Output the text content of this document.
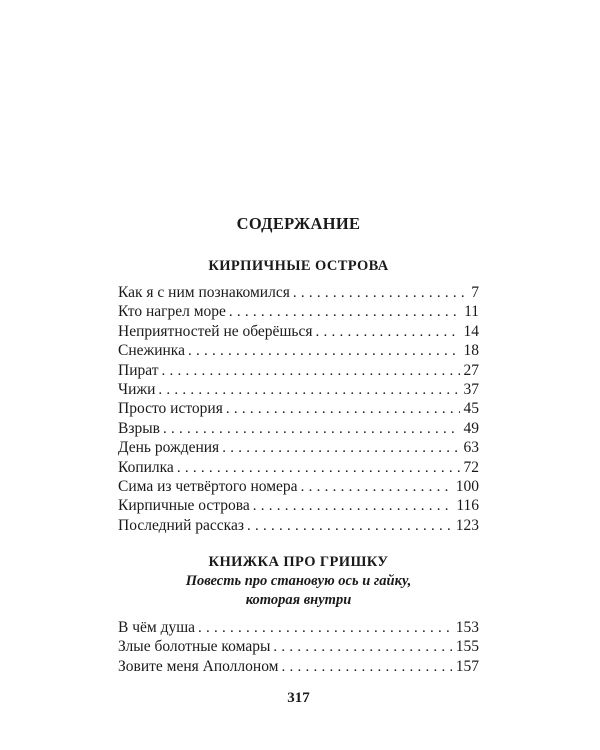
СОДЕРЖАНИЕ
КИРПИЧНЫЕ ОСТРОВА
Как я с ним познакомился . . .	7
Кто нагрел море . . .	11
Неприятностей не оберёшься . . .	14
Снежинка . . .	18
Пират . . .	27
Чижи . . .	37
Просто история . . .	45
Взрыв . . .	49
День рождения . . .	63
Копилка . . .	72
Сима из четвёртого номера . . .	100
Кирпичные острова . . .	116
Последний рассказ . . .	123
КНИЖКА ПРО ГРИШКУ
Повесть про становую ось и гайку,
которая внутри
В чём душа . . .	153
Злые болотные комары . . .	155
Зовите меня Аполлоном . . .	157
317
